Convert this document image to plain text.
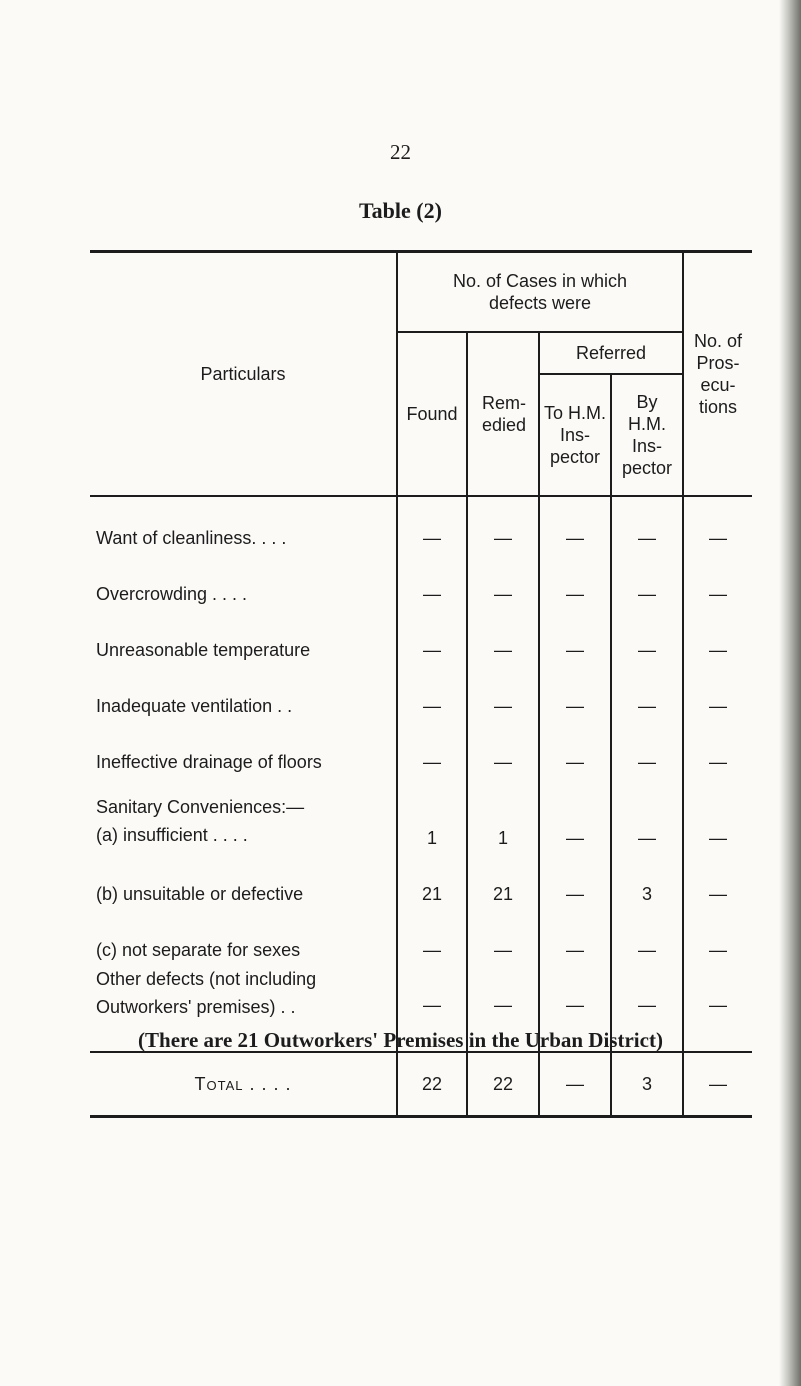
22
Table (2)
Particulars	No. of Cases in which defects were				No. of Pros- ecu- tions

	Found	Rem- edied	Referred		

			To H.M. Ins- pector	By H.M. Ins- pector	

Want of cleanliness. . . .	—	—	—	—	—
Overcrowding . . . .	—	—	—	—	—
Unreasonable temperature	—	—	—	—	—
Inadequate ventilation . .	—	—	—	—	—
Ineffective drainage of floors	—	—	—	—	—

Sanitary Conveniences:—
(a) insufficient . . . .	1	1	—	—	—
(b) unsuitable or defective	21	21	—	3	—
(c) not separate for sexes	—	—	—	—	—

Other defects (not including
Outworkers' premises) . .	—	—	—	—	—
Total . . . .	22	22	—	3	—
(There are 21 Outworkers' Premises in the Urban District)
